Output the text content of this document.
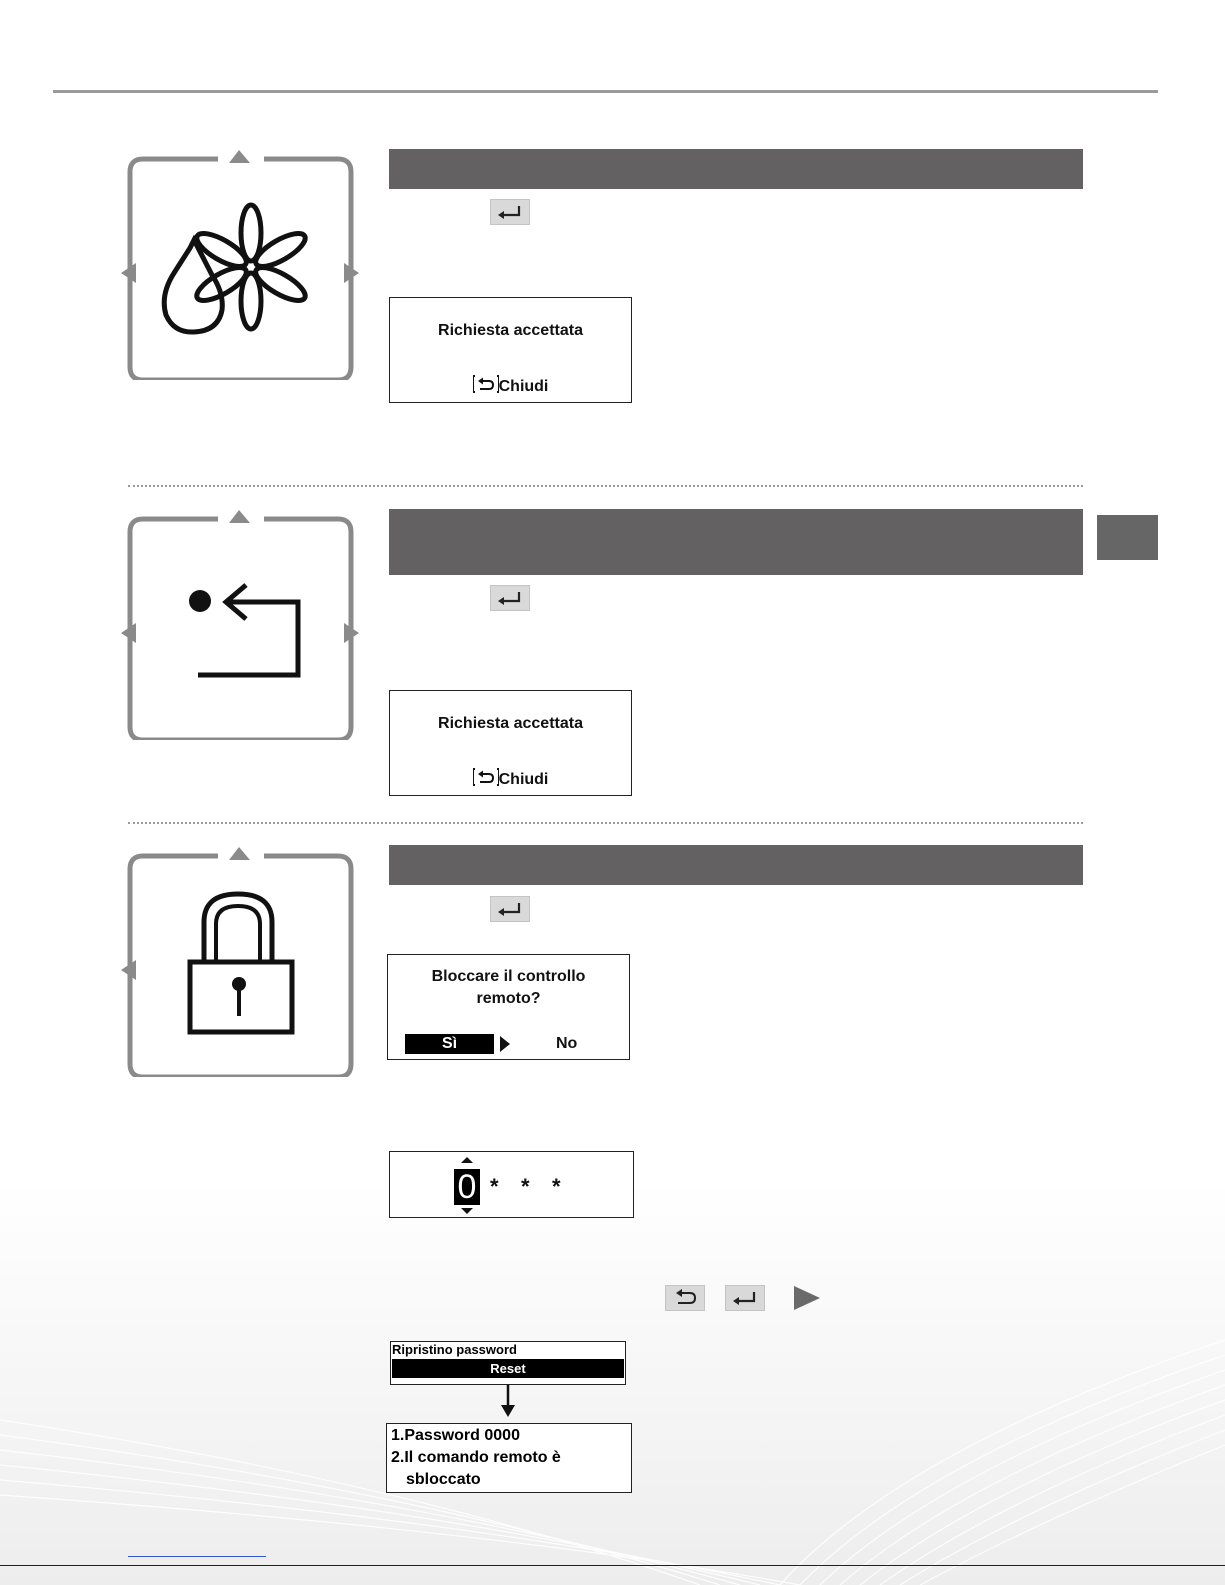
Richiesta accettata
Chiudi
Richiesta accettata
Chiudi
Bloccare il controllo
remoto?
Sì	No
0 * * *
Ripristino password
Reset
1.Password 0000
2.Il comando remoto è
sbloccato
